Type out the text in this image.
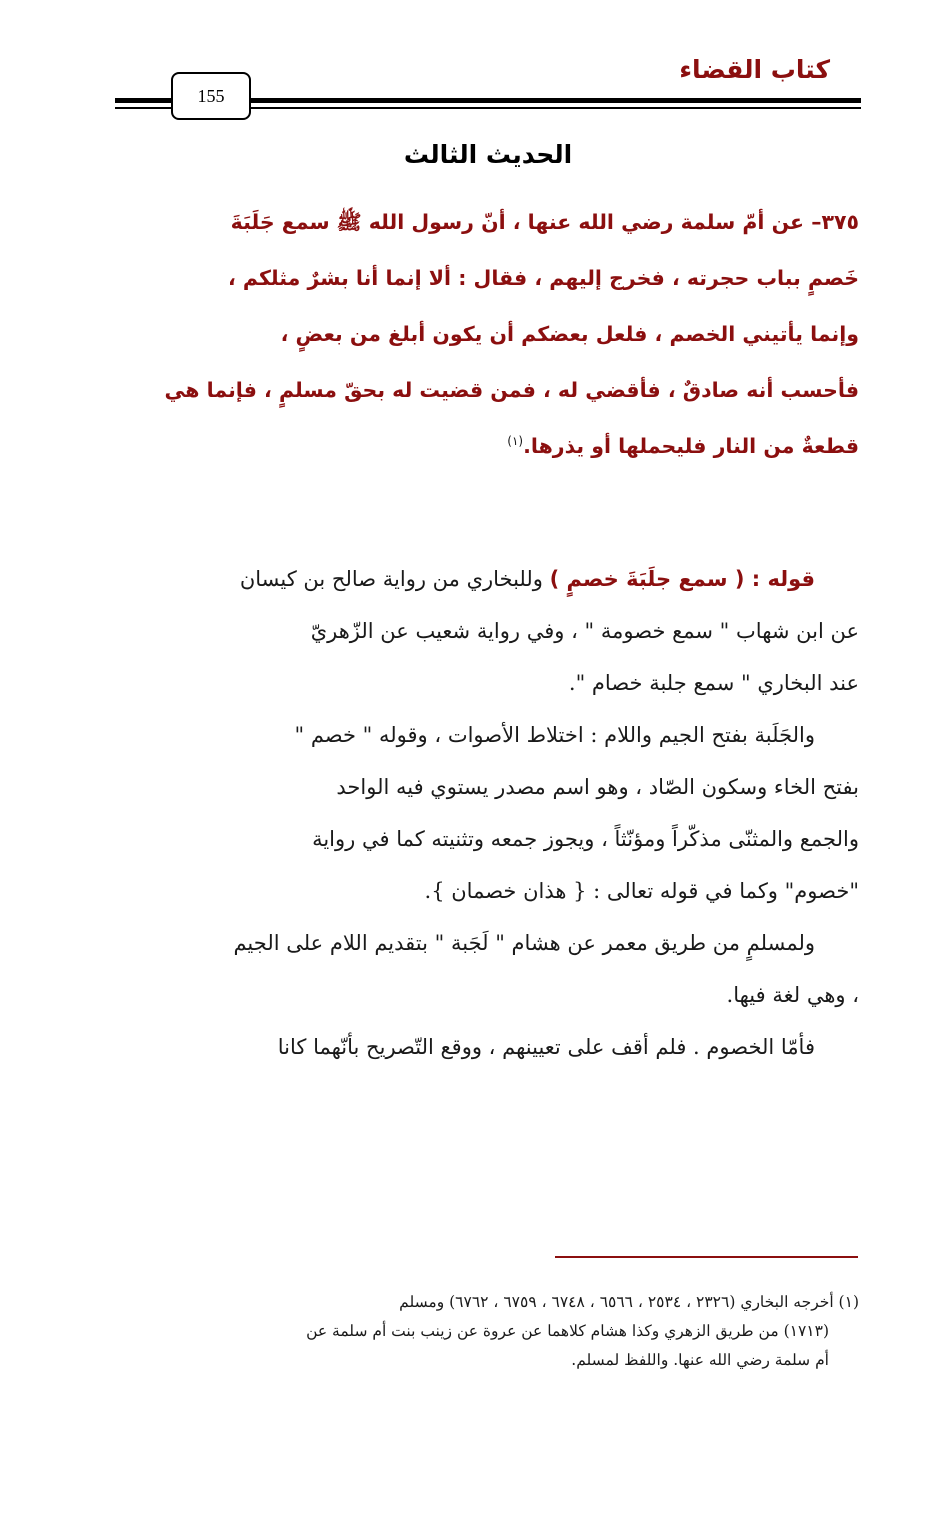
كتاب القضاء
155
الحديث الثالث
٣٧٥– عن أمّ سلمة رضي الله عنها ، أنّ رسول الله ﷺ سمع جَلَبَةَ
خَصمٍ بباب حجرته ، فخرج إليهم ، فقال : ألا إنما أنا بشرٌ مثلكم ،
وإنما يأتيني الخصم ، فلعل بعضكم أن يكون أبلغ من بعضٍ ،
فأحسب أنه صادقٌ ، فأقضي له ، فمن قضيت له بحقّ مسلمٍ ، فإنما هي
قطعةٌ من النار فليحملها أو يذرها.$^{(١)}$
قوله : ( سمع جلَبَةَ خصمٍ ) وللبخاري من رواية صالح بن كيسان
عن ابن شهاب " سمع خصومة " ، وفي رواية شعيب عن الزّهريّ
عند البخاري " سمع جلبة خصام ".
والجَلَبة بفتح الجيم واللام : اختلاط الأصوات ، وقوله " خصم "
بفتح الخاء وسكون الصّاد ، وهو اسم مصدر يستوي فيه الواحد
والجمع والمثنّى مذكّراً ومؤنّثاً ، ويجوز جمعه وتثنيته كما في رواية
"خصوم" وكما في قوله تعالى : { هذان خصمان }.
ولمسلمٍ من طريق معمر عن هشام " لَجَبة " بتقديم اللام على الجيم
، وهي لغة فيها.
فأمّا الخصوم . فلم أقف على تعيينهم ، ووقع التّصريح بأنّهما كانا
(١) أخرجه البخاري (٢٣٢٦ ، ٢٥٣٤ ، ٦٥٦٦ ، ٦٧٤٨ ، ٦٧٥٩ ، ٦٧٦٢) ومسلم
(١٧١٣) من طريق الزهري وكذا هشام كلاهما عن عروة عن زينب بنت أم سلمة عن
أم سلمة رضي الله عنها. واللفظ لمسلم.
